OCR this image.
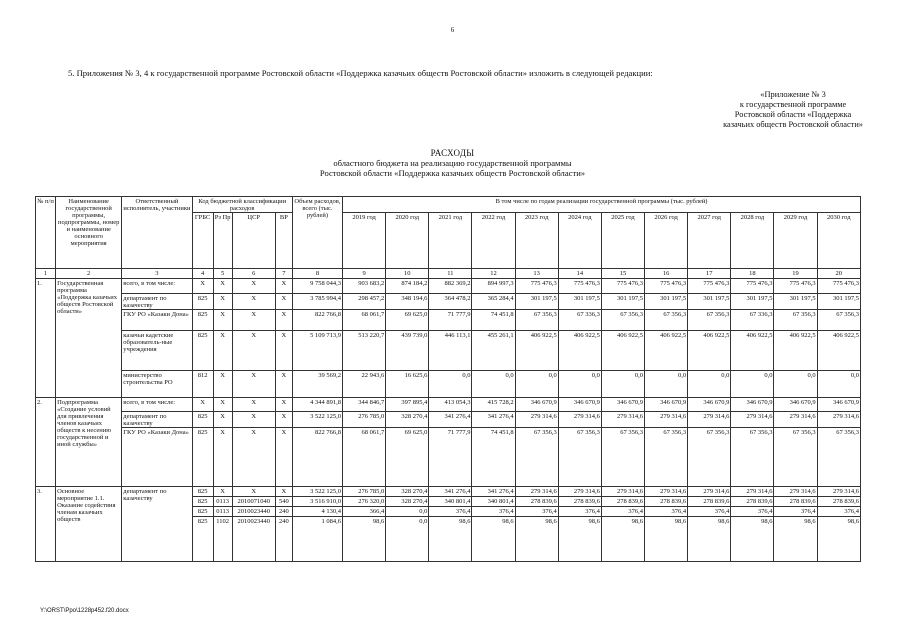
6
5. Приложения № 3, 4 к государственной программе Ростовской области «Поддержка казачьих обществ Ростовской области» изложить в следующей редакции:
«Приложение № 3
к государственной программе
Ростовской области «Поддержка
казачьих обществ Ростовской области»
РАСХОДЫ
областного бюджета на реализацию государственной программы
Ростовской области «Поддержка казачьих обществ Ростовской области»
№ п/п	Наименование государственной программы, подпрограммы, номер и наименование основного мероприятия	Ответственный исполнитель, участники	Код бюджетной классификации расходов				Объем расходов, всего (тыс. рублей)	В том числе по годам реализации государственной программы (тыс. рублей)											
			ГРБС	Рз Пр	ЦСР	ВР		2019 год	2020 год	2021 год	2022 год	2023 год	2024 год	2025 год	2026 год	2027 год	2028 год	2029 год	2030 год

1	2	3	4	5	6	7	8	9	10	11	12	13	14	15	16	17	18	19	20
1.	Государственная программа «Поддержка казачьих обществ Ростовской области»	всего, в том числе:	X	X	X	X	9 758 044,3	903 683,2	874 184,2	882 369,2	894 997,3	775 476,3	775 476,3	775 476,3	775 476,3	775 476,3	775 476,3	775 476,3	775 476,3
		департамент по казачеству	825	X	X	X	3 785 994,4	298 457,2	348 194,6	364 478,2	365 284,4	301 197,5	301 197,5	301 197,5	301 197,5	301 197,5	301 197,5	301 197,5	301 197,5
		ГКУ РО «Казаки Дона»	825	X	X	X	822 766,8	68 061,7	69 625,0	71 777,9	74 451,8	67 356,3	67 336,3	67 356,3	67 356,3	67 356,3	67 336,3	67 356,3	67 356,3
		казачьи кадетские образователь-ные учреждения	825	X	X	X	5 109 713,9	513 220,7	439 739,0	446 113,1	455 261,1	406 922,5	406 922,5	406 922,5	406 922,5	406 922,5	406 922,5	406 922,5	406 922,5
		министерство строительства РО	812	X	X	X	39 569,2	22 943,6	16 625,6	0,0	0,0	0,0	0,0	0,0	0,0	0,0	0,0	0,0	0,0
2.	Подпрограмма «Создание условий для привлечения членов казачьих обществ к несению государственной и иной службы»	всего, в том числе:	X	X	X	X	4 344 891,8	344 846,7	397 895,4	413 054,3	415 728,2	346 670,9	346 670,9	346 670,9	346 670,9	346 670,9	346 670,9	346 670,9	346 670,9
		департамент по казачеству	825	X	X	X	3 522 125,0	276 785,0	328 270,4	341 276,4	341 276,4	279 314,6	279 314,6	279 314,6	279 314,6	279 314,6	279 314,6	279 314,6	279 314,6
		ГКУ РО «Казаки Дона»	825	X	X	X	822 766,8	68 061,7	69 625,0	71 777,9	74 451,8	67 356,3	67 356,3	67 356,3	67 356,3	67 356,3	67 356,3	67 356,3	67 356,3
3.	Основное мероприятие 1.1. Оказание содействия членам казачьих обществ	департамент по казачеству	825	X	X	X	3 522 125,0	276 785,0	328 270,4	341 276,4	341 276,4	279 314,6	279 314,6	279 314,6	279 314,6	279 314,6	279 314,6	279 314,6	279 314,6
			825	0113	2010071040	540	3 516 910,0	276 320,0	328 270,4	340 801,4	340 801,4	278 839,6	278 839,6	278 839,6	278 839,6	278 839,6	278 839,6	278 839,6	278 839,6
			825	0113	2010023440	240	4 130,4	366,4	0,0	376,4	376,4	376,4	376,4	376,4	376,4	376,4	376,4	376,4	376,4
			825	1102	2010023440	240	1 084,6	98,6	0,0	98,6	98,6	98,6	98,6	98,6	98,6	98,6	98,6	98,6	98,6
Y:\ORST\Ppo\1228p452.f20.docx
